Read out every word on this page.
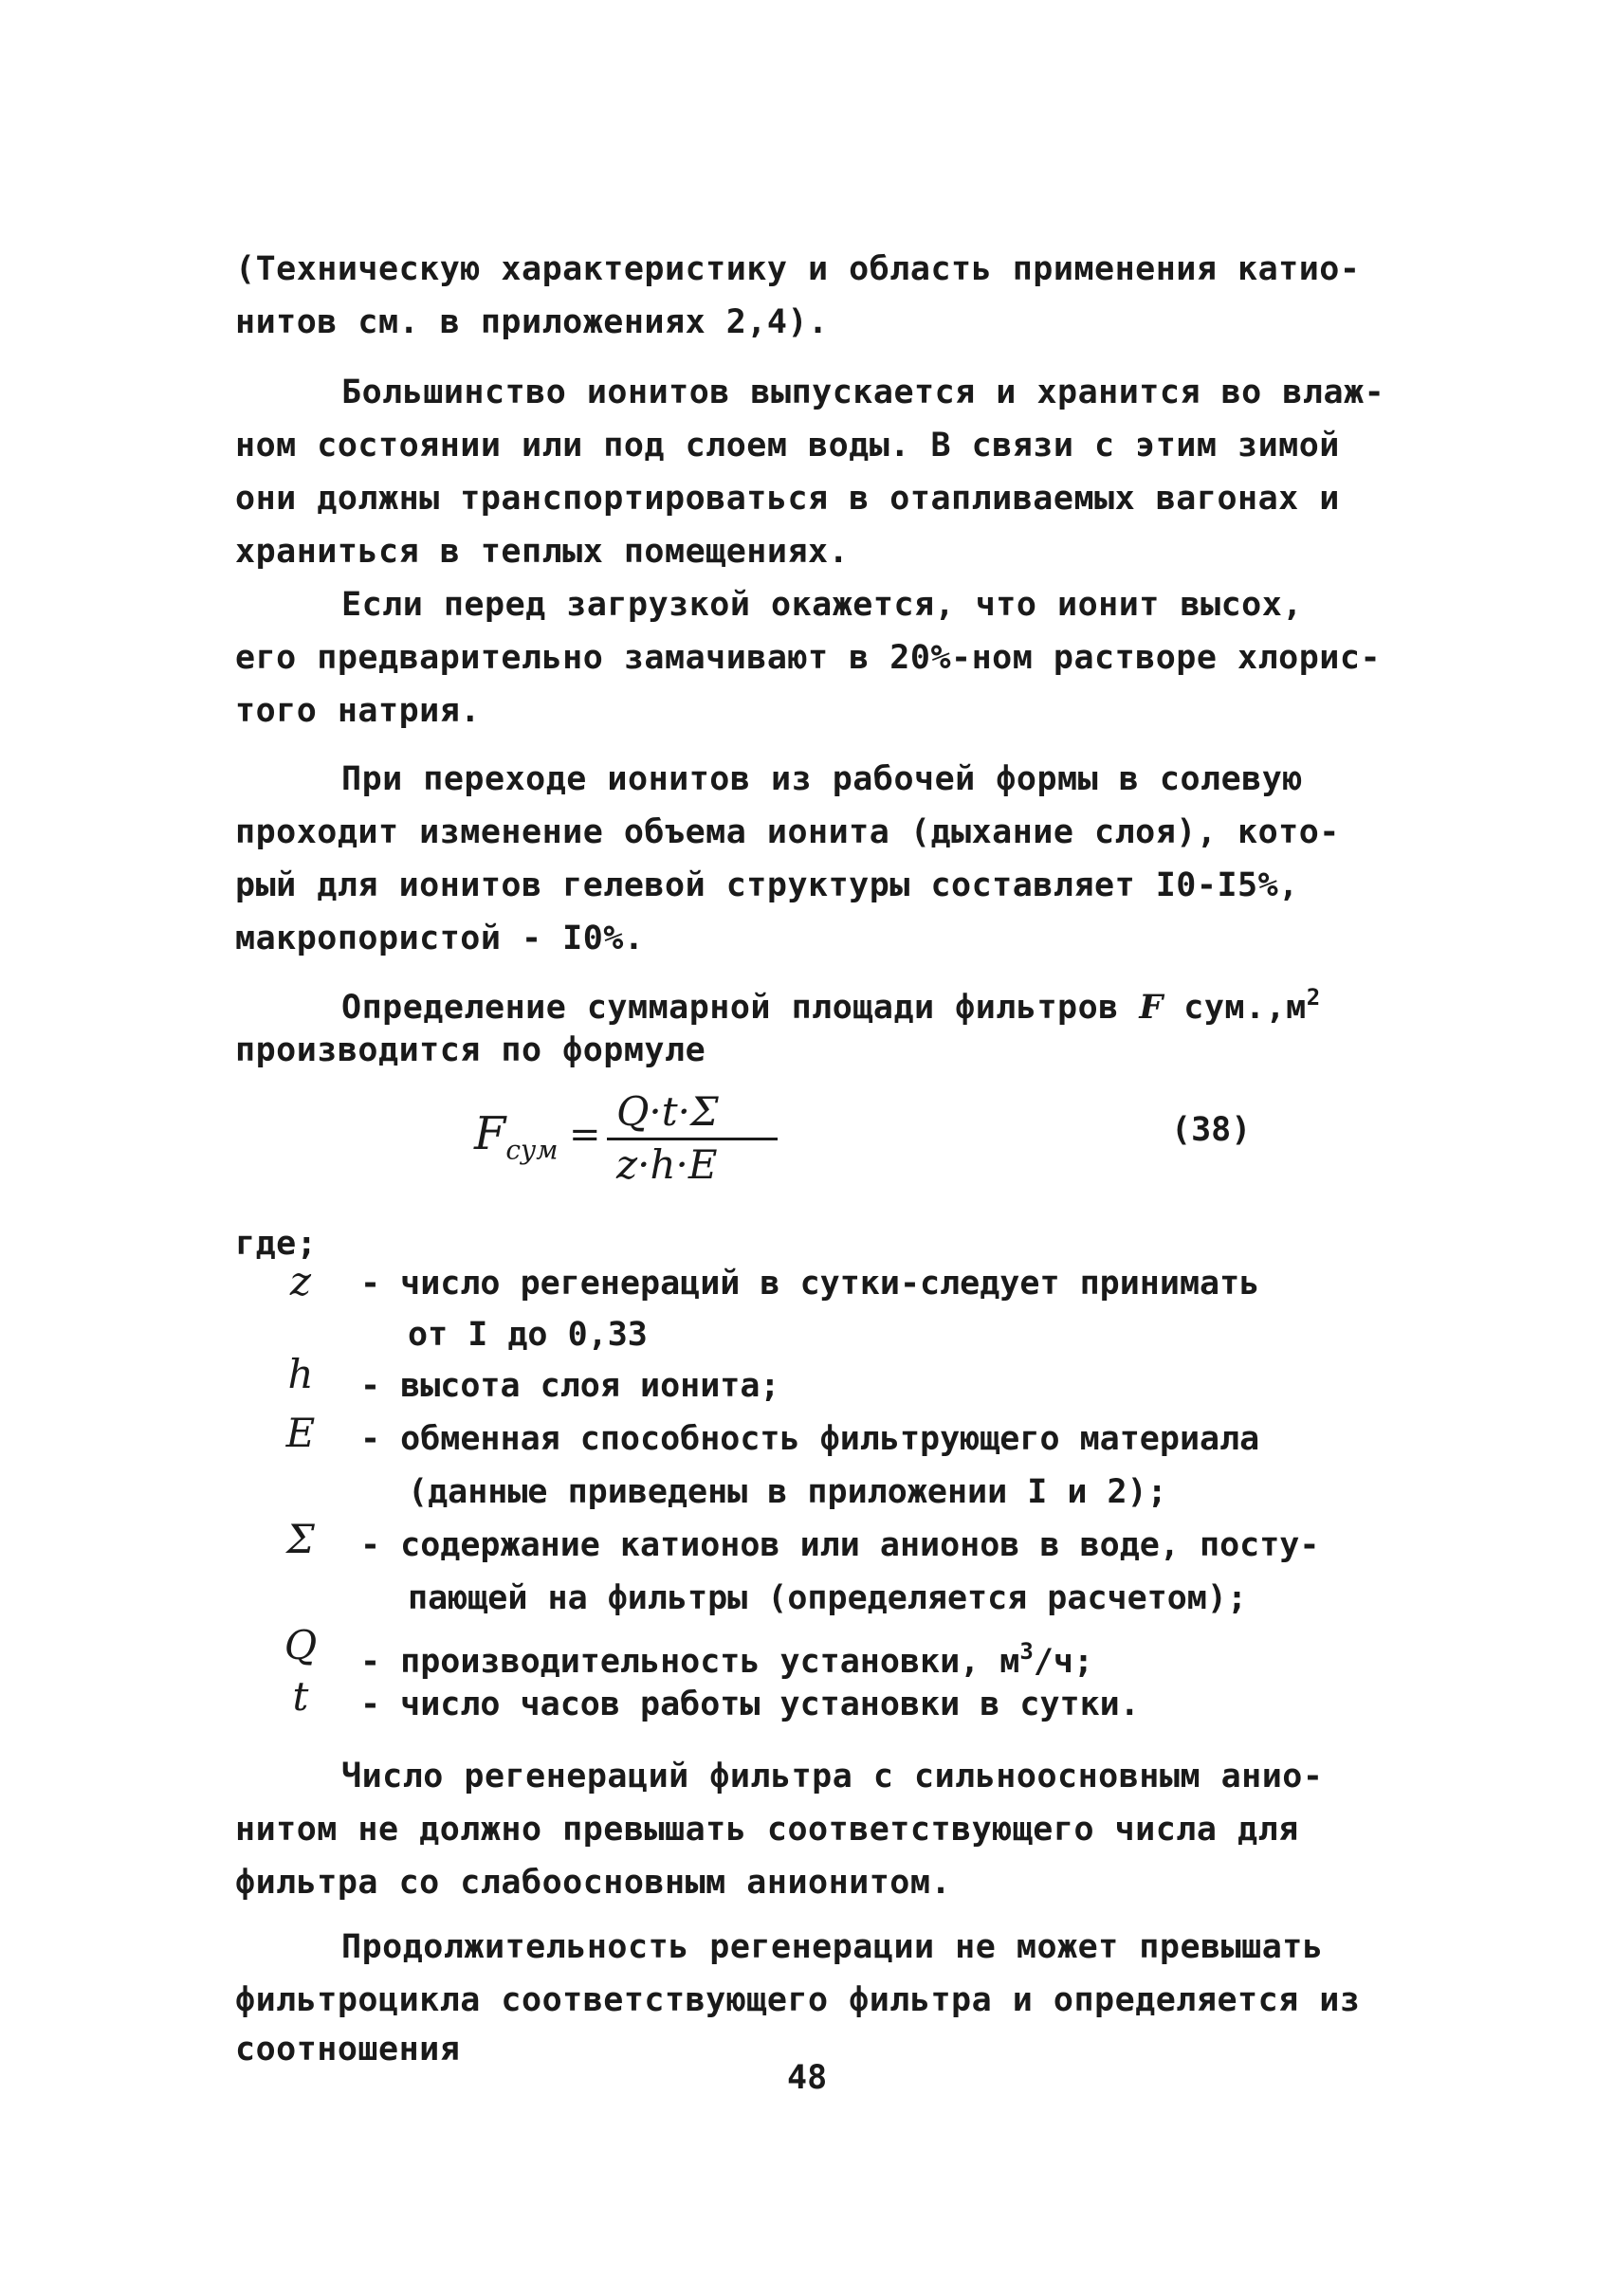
(Техническую характеристику и область применения катио-
нитов см. в приложениях 2,4).
Большинство ионитов выпускается и хранится во влаж-
ном состоянии или под слоем воды. В связи с этим зимой
они должны транспортироваться в отапливаемых вагонах и
храниться в теплых помещениях.
Если перед загрузкой окажется, что ионит высох,
его предварительно замачивают в 20%-ном растворе хлорис-
того натрия.
При переходе ионитов из рабочей формы в солевую
проходит изменение объема ионита (дыхание слоя), кото-
рый для ионитов гелевой структуры составляет I0-I5%,
макропористой - I0%.
Определение суммарной площади фильтров F $сум.,м^2$
производится по формуле
$F_{сум} = Q\cdot t\cdot\Sigma$
z·h·E
(38)
где;
z	- число регенераций в сутки-следует принимать
от I до 0,33
h	- высота слоя ионита;
E - обменная способность фильтрующего материала
(данные приведены в приложении I и 2);
Σ - содержание катионов или анионов в воде, посту-
пающей на фильтры (определяется расчетом);
Q - производительность установки, $м^3/ч$;
t	- число часов работы установки в сутки.
Число регенераций фильтра с сильноосновным анио-
нитом не должно превышать соответствующего числа для
фильтра со слабоосновным анионитом.
Продолжительность регенерации не может превышать
фильтроцикла соответствующего фильтра и определяется из
соотношения
48
